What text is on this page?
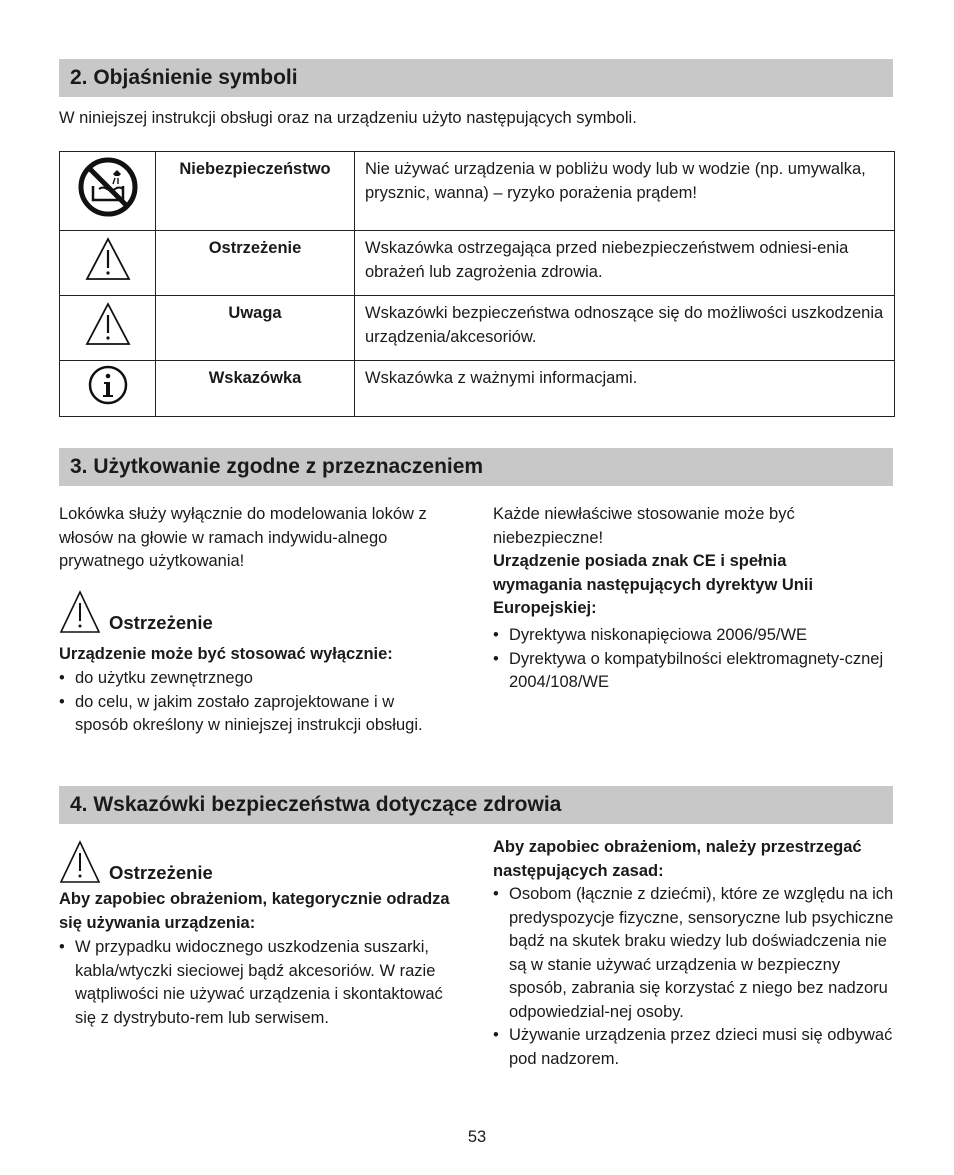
2. Objaśnienie symboli
W niniejszej instrukcji obsługi oraz na urządzeniu użyto następujących symboli.
	Niebezpieczeństwo	Nie używać urządzenia w pobliżu wody lub w wodzie (np. umywalka, prysznic, wanna) – ryzyko porażenia prądem!
	Ostrzeżenie	Wskazówka ostrzegająca przed niebezpieczeństwem odniesi-enia obrażeń lub zagrożenia zdrowia.
	Uwaga	Wskazówki bezpieczeństwa odnoszące się do możliwości uszkodzenia urządzenia/akcesoriów.
	Wskazówka	Wskazówka z ważnymi informacjami.
3. Użytkowanie zgodne z przeznaczeniem
Lokówka służy wyłącznie do modelowania loków z włosów na głowie w ramach indywidu-alnego prywatnego użytkowania!
Ostrzeżenie
Urządzenie może być stosować wyłącznie:
• do użytku zewnętrznego
• do celu, w jakim zostało zaprojektowane i w sposób określony w niniejszej instrukcji obsługi.
Każde niewłaściwe stosowanie może być niebezpieczne!
Urządzenie posiada znak CE i spełnia wymagania następujących dyrektyw Unii Europejskiej:
• Dyrektywa niskonapięciowa 2006/95/WE
• Dyrektywa o kompatybilności elektromagnety-cznej 2004/108/WE
4. Wskazówki bezpieczeństwa dotyczące zdrowia
Ostrzeżenie
Aby zapobiec obrażeniom, kategorycznie odradza się używania urządzenia:
• W przypadku widocznego uszkodzenia suszarki, kabla/wtyczki sieciowej bądź akcesoriów. W razie wątpliwości nie używać urządzenia i skontaktować się z dystrybuto-rem lub serwisem.
Aby zapobiec obrażeniom, należy przestrzegać następujących zasad:
• Osobom (łącznie z dziećmi), które ze względu na ich predyspozycje fizyczne, sensoryczne lub psychiczne bądź na skutek braku wiedzy lub doświadczenia nie są w stanie używać urządzenia w bezpieczny sposób, zabrania się korzystać z niego bez nadzoru odpowiedzial-nej osoby.
• Używanie urządzenia przez dzieci musi się odbywać pod nadzorem.
53
